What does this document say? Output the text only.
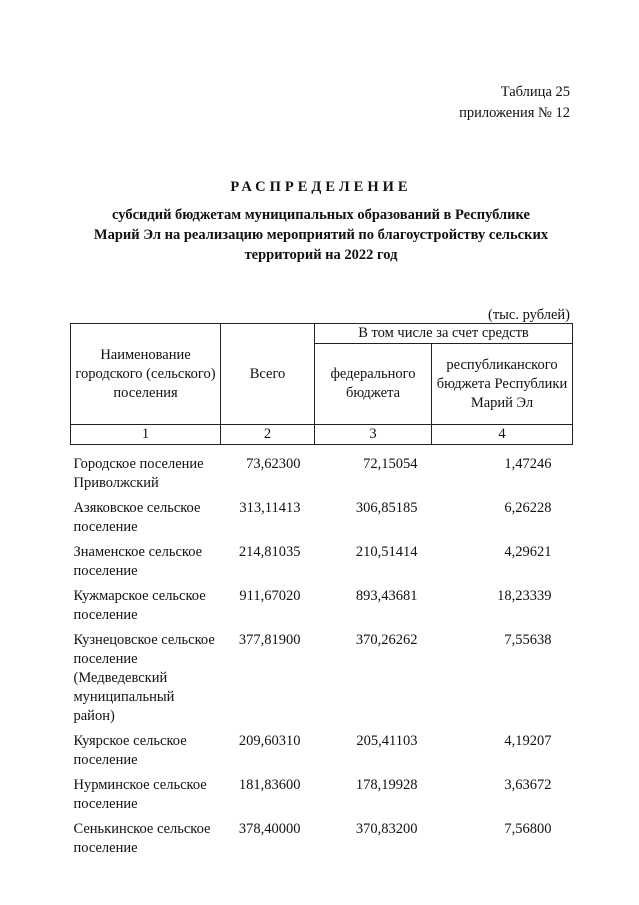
Таблица 25
приложения № 12
РАСПРЕДЕЛЕНИЕ
субсидий бюджетам муниципальных образований в Республике
Марий Эл на реализацию мероприятий по благоустройству сельских
территорий на 2022 год
(тыс. рублей)
Наименование городского (сельского) поселения	Всего	В том числе за счет средств	
		федерального бюджета	республиканского бюджета Республики Марий Эл
1	2	3	4

Городское поселение Приволжский	73,62300	72,15054	1,47246
Азяковское сельское поселение	313,11413	306,85185	6,26228
Знаменское сельское поселение	214,81035	210,51414	4,29621
Кужмарское сельское поселение	911,67020	893,43681	18,23339
Кузнецовское сельское поселение (Медведевский муниципальный район)	377,81900	370,26262	7,55638
Куярское сельское поселение	209,60310	205,41103	4,19207
Нурминское сельское поселение	181,83600	178,19928	3,63672
Сенькинское сельское поселение	378,40000	370,83200	7,56800
